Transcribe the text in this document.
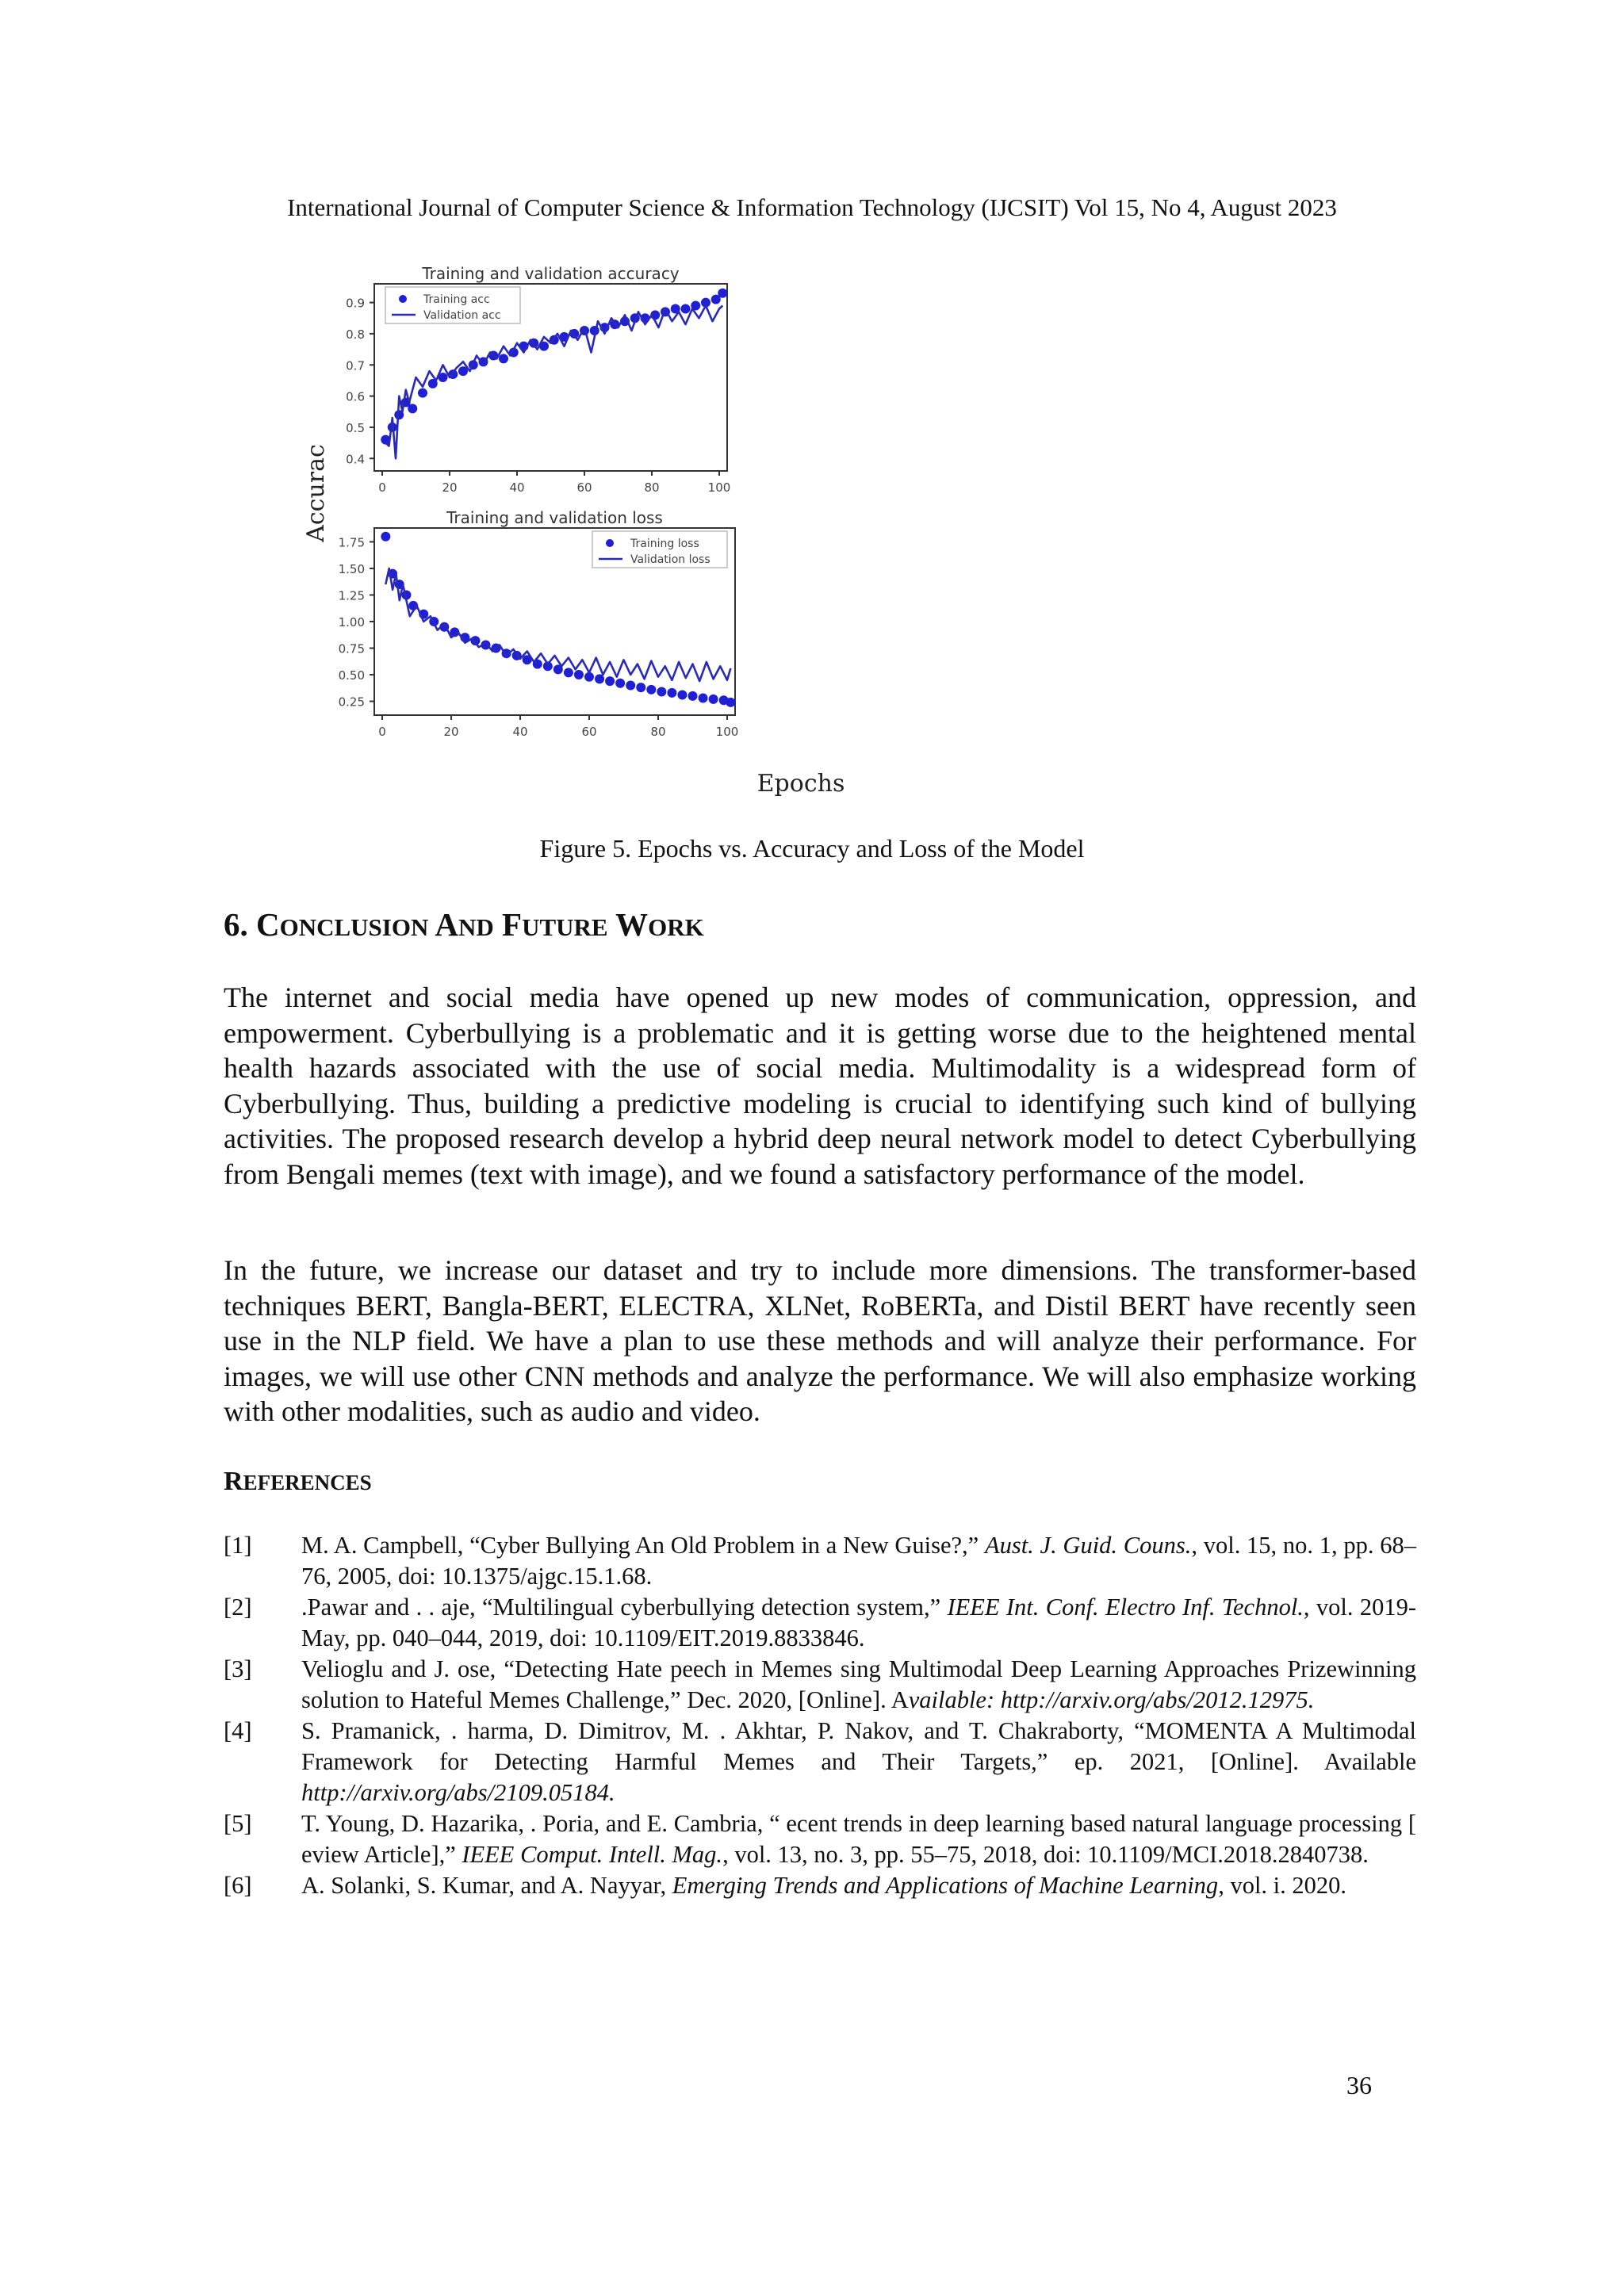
International Journal of Computer Science & Information Technology (IJCSIT) Vol 15, No 4, August 2023
Accurac
Epochs
Training and validation accuracy
0.4
0.5
0.6
0.7
0.8
0.9
0	20	40	60	80	100
Training acc
Validation acc
Training and validation loss
0.25
0.50
0.75
1.00
1.25
1.50
1.75
0	20	40	60	80	100
Training loss
Validation loss
Figure 5. Epochs vs. Accuracy and Loss of the Model
6. CONCLUSION AND FUTURE WORK

The internet and social media have opened up new modes of communication, oppression, and empowerment. Cyberbullying is a problematic and it is getting worse due to the heightened mental health hazards associated with the use of social media. Multimodality is a widespread form of Cyberbullying. Thus, building a predictive modeling is crucial to identifying such kind of bullying activities. The proposed research develop a hybrid deep neural network model to detect Cyberbullying from Bengali memes (text with image), and we found a satisfactory performance of the model.

In the future, we increase our dataset and try to include more dimensions. The transformer-based techniques BERT, Bangla-BERT, ELECTRA, XLNet, RoBERTa, and Distil BERT have recently seen use in the NLP field. We have a plan to use these methods and will analyze their performance. For images, we will use other CNN methods and analyze the performance. We will also emphasize working with other modalities, such as audio and video.

REFERENCES
[1]	M. A. Campbell, “Cyber Bullying An Old Problem in a New Guise?,” Aust. J. Guid. Couns., vol. 15, no. 1, pp. 68–76, 2005, doi: 10.1375/ajgc.15.1.68.
[2]	.Pawar and . . aje, “Multilingual cyberbullying detection system,” IEEE Int. Conf. Electro Inf. Technol., vol. 2019-May, pp. 040–044, 2019, doi: 10.1109/EIT.2019.8833846.
[3]	Velioglu and J. ose, “Detecting Hate peech in Memes sing Multimodal Deep Learning Approaches Prizewinning solution to Hateful Memes Challenge,” Dec. 2020, [Online]. Available: http://arxiv.org/abs/2012.12975.
[4]	S. Pramanick, . harma, D. Dimitrov, M. . Akhtar, P. Nakov, and T. Chakraborty, “MOMENTA A Multimodal Framework for Detecting Harmful Memes and Their Targets,” ep. 2021, [Online]. Available http://arxiv.org/abs/2109.05184.
[5]	T. Young, D. Hazarika, . Poria, and E. Cambria, “ ecent trends in deep learning based natural language processing [ eview Article],” IEEE Comput. Intell. Mag., vol. 13, no. 3, pp. 55–75, 2018, doi: 10.1109/MCI.2018.2840738.
[6]	A. Solanki, S. Kumar, and A. Nayyar, Emerging Trends and Applications of Machine Learning, vol. i. 2020.
36
